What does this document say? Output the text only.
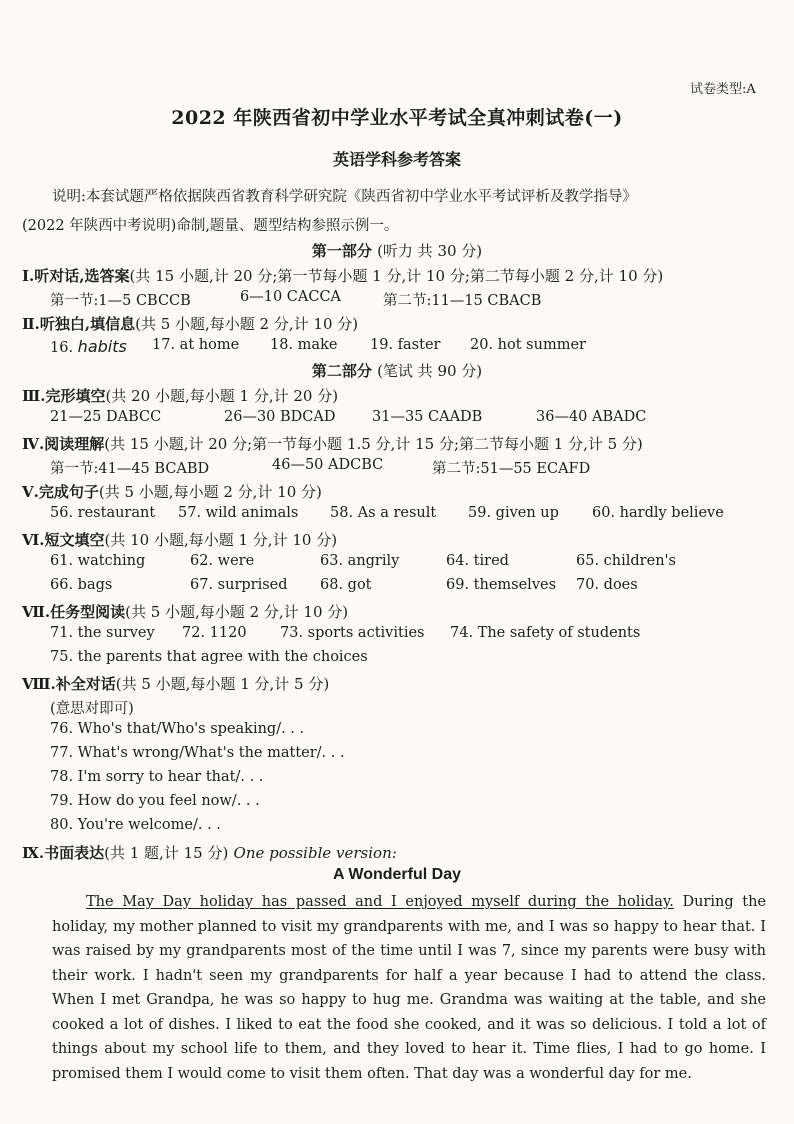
试卷类型:A
2022 年陕西省初中学业水平考试全真冲刺试卷(一)
英语学科参考答案
说明:本套试题严格依据陕西省教育科学研究院《陕西省初中学业水平考试评析及教学指导》
(2022 年陕西中考说明)命制,题量、题型结构参照示例一。
第一部分 (听力 共 30 分)
Ⅰ.听对话,选答案(共 15 小题,计 20 分;第一节每小题 1 分,计 10 分;第二节每小题 2 分,计 10 分)
第一节:1—5 CBCCB	6—10 CACCA	第二节:11—15 CBACB
Ⅱ.听独白,填信息(共 5 小题,每小题 2 分,计 10 分)
16. habits 17. at home 18. make 19. faster 20. hot summer
第二部分 (笔试 共 90 分)
Ⅲ.完形填空(共 20 小题,每小题 1 分,计 20 分)
21—25 DABCC	26—30 BDCAD	31—35 CAADB	36—40 ABADC
Ⅳ.阅读理解(共 15 小题,计 20 分;第一节每小题 1.5 分,计 15 分;第二节每小题 1 分,计 5 分)
第一节:41—45 BCABD	46—50 ADCBC	第二节:51—55 ECAFD
Ⅴ.完成句子(共 5 小题,每小题 2 分,计 10 分)
56. restaurant 57. wild animals 58. As a result 59. given up 60. hardly believe
Ⅵ.短文填空(共 10 小题,每小题 1 分,计 10 分)
61. watching	62. were	63. angrily	64. tired	65. children's
66. bags	67. surprised 68. got	69. themselves 70. does
Ⅶ.任务型阅读(共 5 小题,每小题 2 分,计 10 分)
71. the survey 72. 1120 73. sports activities 74. The safety of students
75. the parents that agree with the choices
Ⅷ.补全对话(共 5 小题,每小题 1 分,计 5 分)
(意思对即可)
76. Who's that/Who's speaking/. . .
77. What's wrong/What's the matter/. . .
78. I'm sorry to hear that/. . .
79. How do you feel now/. . .
80. You're welcome/. . .
Ⅸ.书面表达(共 1 题,计 15 分) One possible version:
A Wonderful Day
The May Day holiday has passed and I enjoyed myself during the holiday. During the holiday, my mother planned to visit my grandparents with me, and I was so happy to hear that. I was raised by my grandparents most of the time until I was 7, since my parents were busy with their work. I hadn't seen my grandparents for half a year because I had to attend the class. When I met Grandpa, he was so happy to hug me. Grandma was waiting at the table, and she cooked a lot of dishes. I liked to eat the food she cooked, and it was so delicious. I told a lot of things about my school life to them, and they loved to hear it. Time flies, I had to go home. I promised them I would come to visit them often. That day was a wonderful day for me.
